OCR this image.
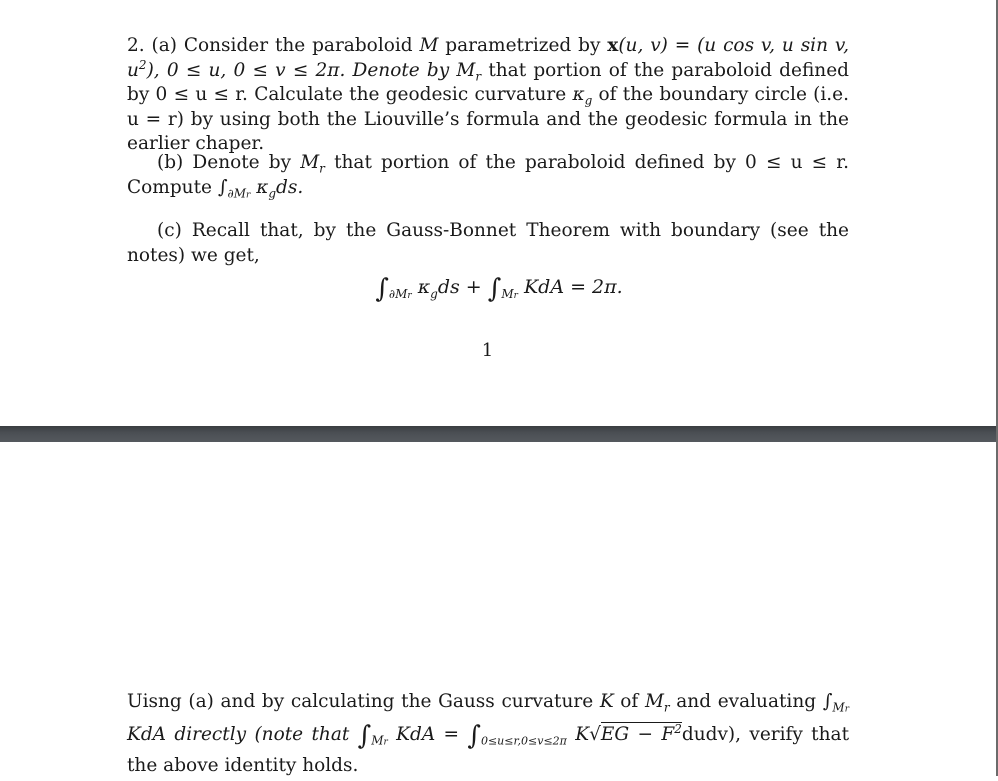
2. (a) Consider the paraboloid M parametrized by x(u, v) = (u cos v, u sin v, $u^2$), 0 ≤ u, 0 ≤ v ≤ 2π. Denote by $M_r$ that portion of the paraboloid defined by 0 ≤ u ≤ r. Calculate the geodesic curvature $\kappa_g$ of the boundary circle (i.e. u = r) by using both the Liouville’s formula and the geodesic formula in the earlier chaper.
(b) Denote by $M_r$ that portion of the paraboloid defined by 0 ≤ u ≤ r. Compute $\int_{\partial Mr}$ $\kappa_gds$.
(c) Recall that, by the Gauss-Bonnet Theorem with boundary (see the notes) we get,
$\int_{\partial Mr}$ $\kappa_gds + \int_{Mr}$ KdA = 2π.
1
Uisng (a) and by calculating the Gauss curvature K of $M_r$ and evaluating $\int_{Mr}$ KdA directly (note that $\int_{Mr}$ KdA = $\int_{0\le u\le r,0\le v\le 2\pi}$ $K√EG - F^2dudv$), verify that the above identity holds.
